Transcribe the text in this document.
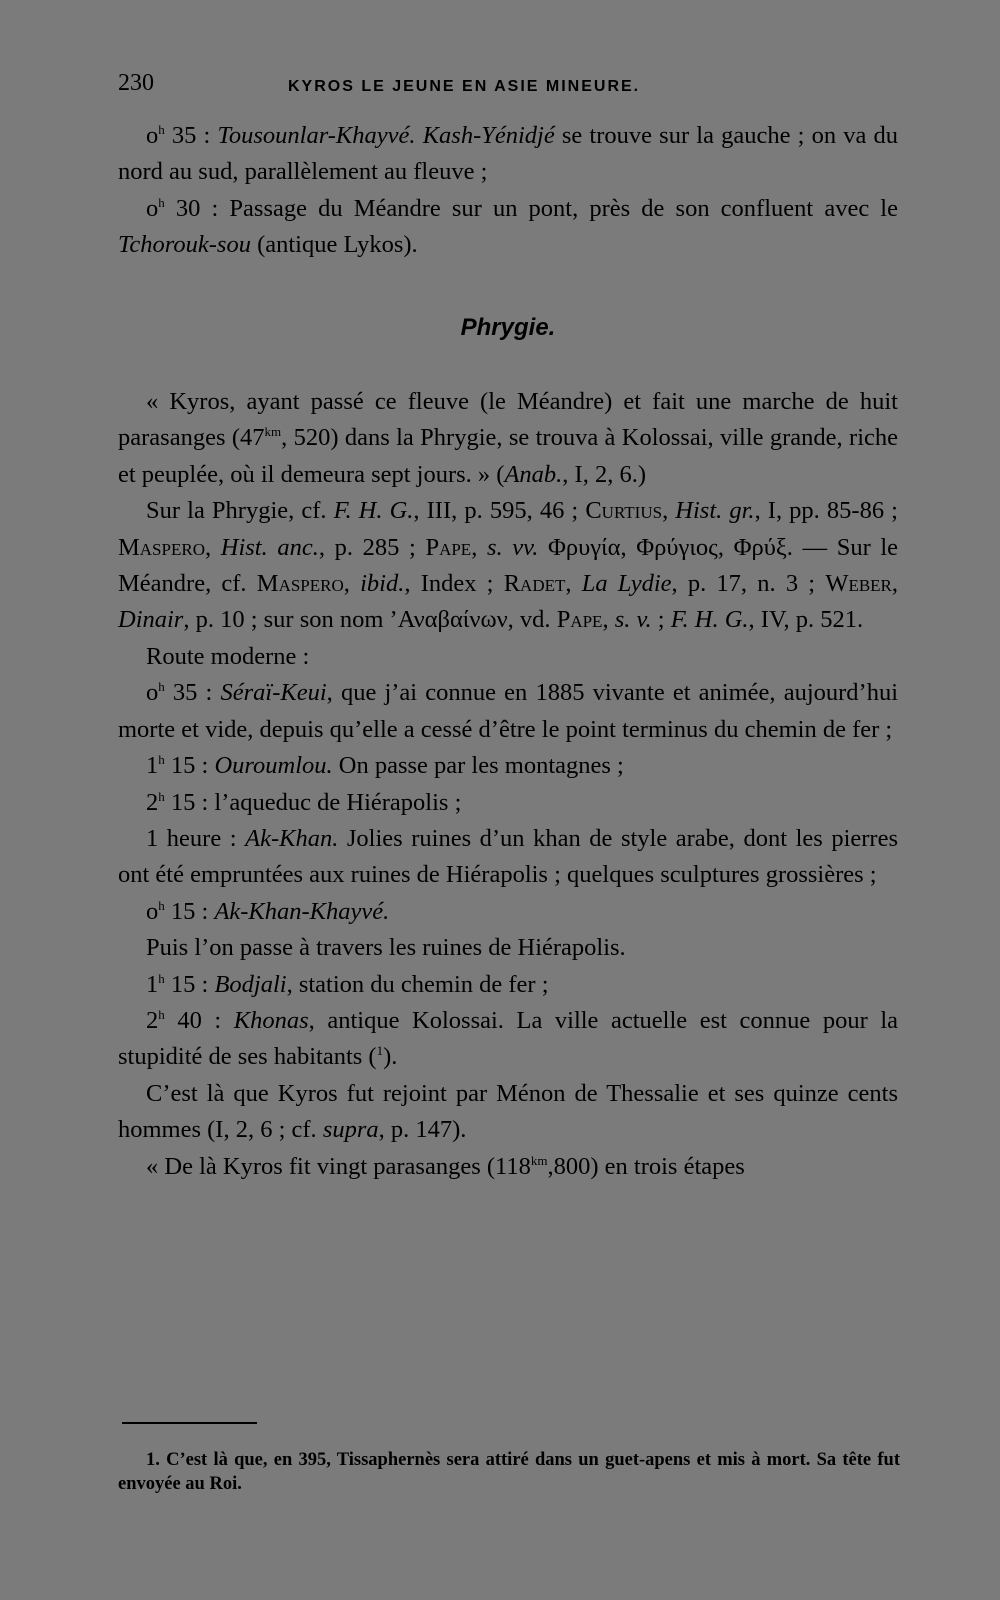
230	KYROS LE JEUNE EN ASIE MINEURE.

$o^h$ 35 : Tousounlar-Khayvé. Kash-Yénidjé se trouve sur la gauche ; on va du nord au sud, parallèlement au fleuve ;

$o^h$ 30 : Passage du Méandre sur un pont, près de son confluent avec le Tchorouk-sou (antique Lykos).

Phrygie.

« Kyros, ayant passé ce fleuve (le Méandre) et fait une marche de huit parasanges ($47^{km}$, 520) dans la Phrygie, se trouva à Kolossai, ville grande, riche et peuplée, où il demeura sept jours. » (Anab., I, 2, 6.)

Sur la Phrygie, cf. F. H. G., III, p. 595, 46 ; Curtius, Hist. gr., I, pp. 85-86 ; Maspero, Hist. anc., p. 285 ; Pape, s. vv. Φρυγία, Φρύγιος, Φρύξ. — Sur le Méandre, cf. Maspero, ibid., Index ; Radet, La Lydie, p. 17, n. 3 ; Weber, Dinair, p. 10 ; sur son nom ’Αναβαίνων, vd. Pape, s. v. ; F. H. G., IV, p. 521.

Route moderne :

$o^h$ 35 : Séraï-Keui, que j’ai connue en 1885 vivante et animée, aujourd’hui morte et vide, depuis qu’elle a cessé d’être le point terminus du chemin de fer ;

1$^h$ 15 : Ouroumlou. On passe par les montagnes ;

2$^h$ 15 : l’aqueduc de Hiérapolis ;

1 heure : Ak-Khan. Jolies ruines d’un khan de style arabe, dont les pierres ont été empruntées aux ruines de Hiérapolis ; quelques sculptures grossières ;

$o^h$ 15 : Ak-Khan-Khayvé.

Puis l’on passe à travers les ruines de Hiérapolis.

1$^h$ 15 : Bodjali, station du chemin de fer ;

2$^h$ 40 : Khonas, antique Kolossai. La ville actuelle est connue pour la stupidité de ses habitants ($^1$).

C’est là que Kyros fut rejoint par Ménon de Thessalie et ses quinze cents hommes (I, 2, 6 ; cf. supra, p. 147).

« De là Kyros fit vingt parasanges $(118^{km},800)$ en trois étapes

1. C’est là que, en 395, Tissaphernès sera attiré dans un guet-apens et mis à mort. Sa tête fut envoyée au Roi.
